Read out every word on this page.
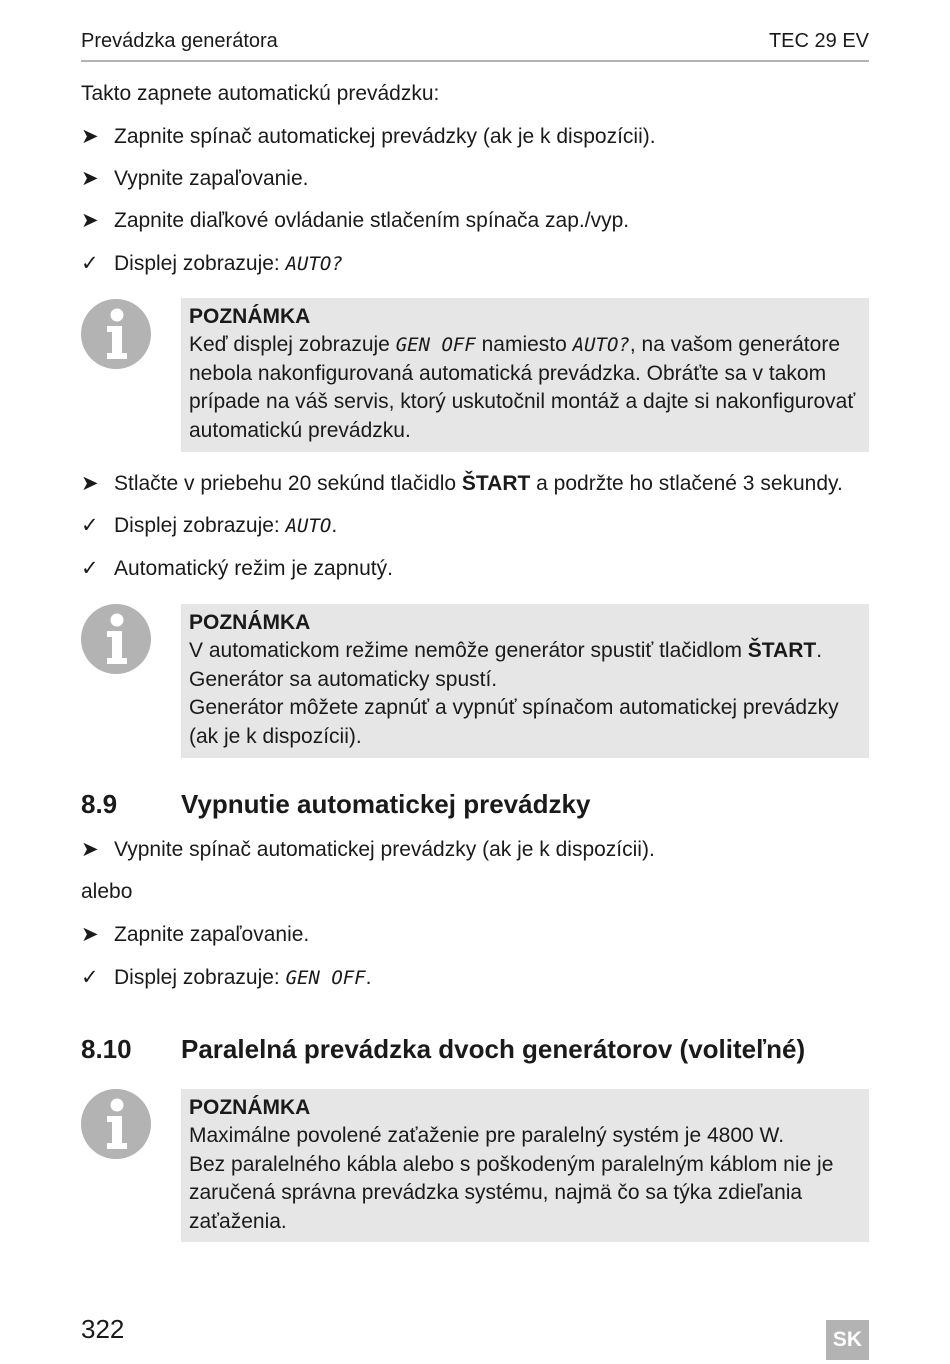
Prevádzka generátora	TEC 29 EV
Takto zapnete automatickú prevádzku:
➤ Zapnite spínač automatickej prevádzky (ak je k dispozícii).
➤ Vypnite zapaľovanie.
➤ Zapnite diaľkové ovládanie stlačením spínača zap./vyp.
✓ Displej zobrazuje: AUTO?
POZNÁMKA
Keď displej zobrazuje GEN OFF namiesto AUTO?, na vašom generátore nebola nakonfigurovaná automatická prevádzka. Obráťte sa v takom prípade na váš servis, ktorý uskutočnil montáž a dajte si nakonfigurovať automatickú prevádzku.
➤ Stlačte v priebehu 20 sekúnd tlačidlo ŠTART a podržte ho stlačené 3 sekundy.
✓ Displej zobrazuje: AUTO.
✓ Automatický režim je zapnutý.
POZNÁMKA
V automatickom režime nemôže generátor spustiť tlačidlom ŠTART.
Generátor sa automaticky spustí.
Generátor môžete zapnúť a vypnúť spínačom automatickej prevádzky (ak je k dispozícii).
8.9 Vypnutie automatickej prevádzky
➤ Vypnite spínač automatickej prevádzky (ak je k dispozícii).
alebo
➤ Zapnite zapaľovanie.
✓ Displej zobrazuje: GEN OFF.
8.10 Paralelná prevádzka dvoch generátorov (voliteľné)
POZNÁMKA
Maximálne povolené zaťaženie pre paralelný systém je 4800 W.
Bez paralelného kábla alebo s poškodeným paralelným káblom nie je zaručená správna prevádzka systému, najmä čo sa týka zdieľania zaťaženia.
322	SK
